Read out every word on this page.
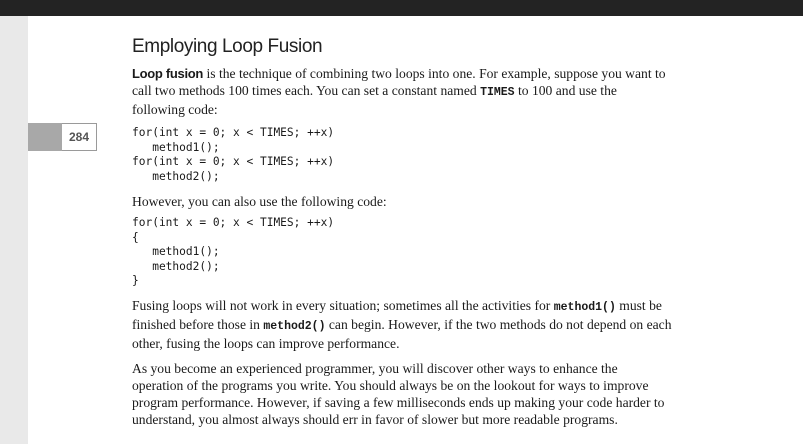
284
Employing Loop Fusion

Loop fusion is the technique of combining two loops into one. For example, suppose you want to call two methods 100 times each. You can set a constant named TIMES to 100 and use the following code:

for(int x = 0; x < TIMES; ++x)
method1();
for(int x = 0; x < TIMES; ++x)
method2();

However, you can also use the following code:

for(int x = 0; x < TIMES; ++x)
{
method1();
method2();
}

Fusing loops will not work in every situation; sometimes all the activities for method1() must be finished before those in method2() can begin. However, if the two methods do not depend on each other, fusing the loops can improve performance.

As you become an experienced programmer, you will discover other ways to enhance the operation of the programs you write. You should always be on the lookout for ways to improve program performance. However, if saving a few milliseconds ends up making your code harder to understand, you almost always should err in favor of slower but more readable programs.
